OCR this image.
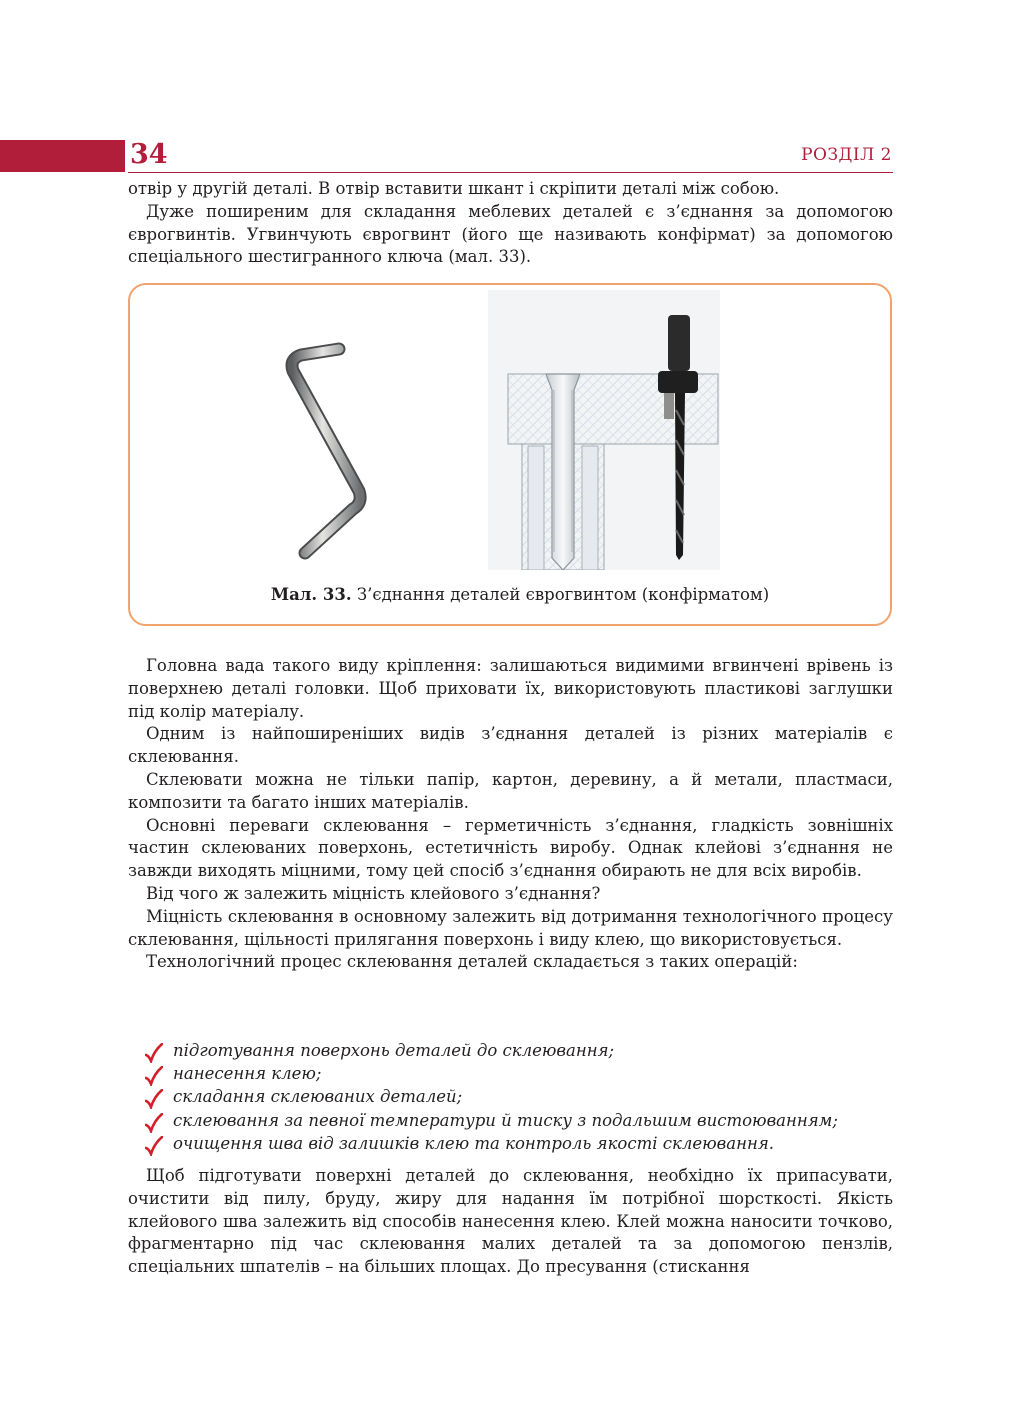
34	РОЗДІЛ 2

отвір у другій деталі. В отвір вставити шкант і скріпити деталі між собою.

Дуже поширеним для складання меблевих деталей є з’єднання за допомогою єврогвинтів. Угвинчують єврогвинт (його ще називають конфірмат) за допомогою спеціального шестигранного ключа (мал. 33).

Мал. 33. З’єднання деталей єврогвинтом (конфірматом)

Головна вада такого виду кріплення: залишаються видимими вгвинчені врівень із поверхнею деталі головки. Щоб приховати їх, використовують пластикові заглушки під колір матеріалу.

Одним із найпоширеніших видів з’єднання деталей із різних матеріалів є склеювання.

Склеювати можна не тільки папір, картон, деревину, а й метали, пластмаси, композити та багато інших матеріалів.

Основні переваги склеювання – герметичність з’єднання, гладкість зовнішніх частин склеюваних поверхонь, естетичність виробу. Однак клейові з’єднання не завжди виходять міцними, тому цей спосіб з’єднання обирають не для всіх виробів.

Від чого ж залежить міцність клейового з’єднання?

Міцність склеювання в основному залежить від дотримання технологічного процесу склеювання, щільності прилягання поверхонь і виду клею, що використовується.

Технологічний процес склеювання деталей складається з таких операцій:

підготування поверхонь деталей до склеювання;
нанесення клею;
складання склеюваних деталей;
склеювання за певної температури й тиску з подальшим вистоюванням;
очищення шва від залишків клею та контроль якості склеювання.

Щоб підготувати поверхні деталей до склеювання, необхідно їх припасувати, очистити від пилу, бруду, жиру для надання їм потрібної шорсткості. Якість клейового шва залежить від способів нанесення клею. Клей можна наносити точково, фрагментарно під час склеювання малих деталей та за допомогою пензлів, спеціальних шпателів – на більших площах. До пресування (стискання
